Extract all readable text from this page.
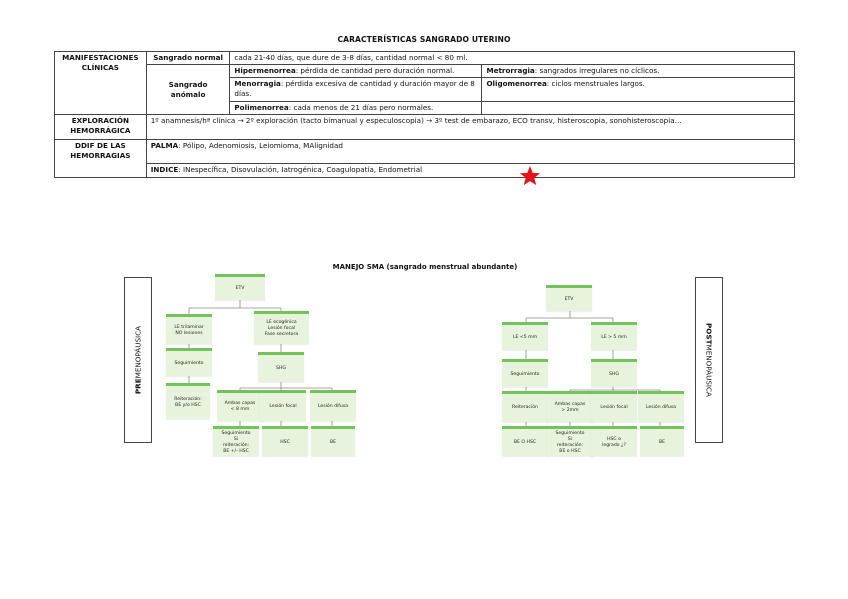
CARACTERÍSTICAS SANGRADO UTERINO
MANIFESTACIONES CLÍNICAS	Sangrado normal	cada 21-40 días, que dure de 3-8 días, cantidad normal < 80 ml.	
	Sangrado anómalo	Hipermenorrea: pérdida de cantidad pero duración normal.	Metrorragia: sangrados irregulares no cíclicos.
		Menorragia: pérdida excesiva de cantidad y duración mayor de 8 días.	Oligomenorrea: ciclos menstruales largos.
		Polimenorrea: cada menos de 21 días pero normales.	
EXPLORACIÓN HEMORRÁGICA	1º anamnesis/hª clínica → 2º exploración (tacto bimanual y especuloscopia) → 3º test de embarazo, ECO transv, histeroscopia, sonohisteroscopia…		
DDIF DE LAS HEMORRAGIAS	PALMA: Pólipo, Adenomiosis, Leiomioma, MAlignidad		
	INDICE: INespecífica, Disovulación, Iatrogénica, Coagulopatía, Endometrial		
MANEJO SMA (sangrado menstrual abundante)
PREMENOPÁUSICA	POSTMENOPÁUSICA
ETV
LE trilaminar
NO lesiones
LE ecogénica
Lesión focal
Fase secretora
Seguimiento
SHG
Reiteración:
BE y/o HSC	Ambas capas
< 8 mm
Lesión focal	Lesión difusa
Seguimiento
Si
reiteración:
BE +/- HSC
HSC	BE
ETV
LE <5 mm	LE > 5 mm
Seguimiento	SHG
Reiteración
Ambas capas
> 2mm
Lesión focal	Lesión difusa
BE O HSC
Seguimiento
Si
reiteración:
BE o HSC
HSC o
legrado ¿?
BE
